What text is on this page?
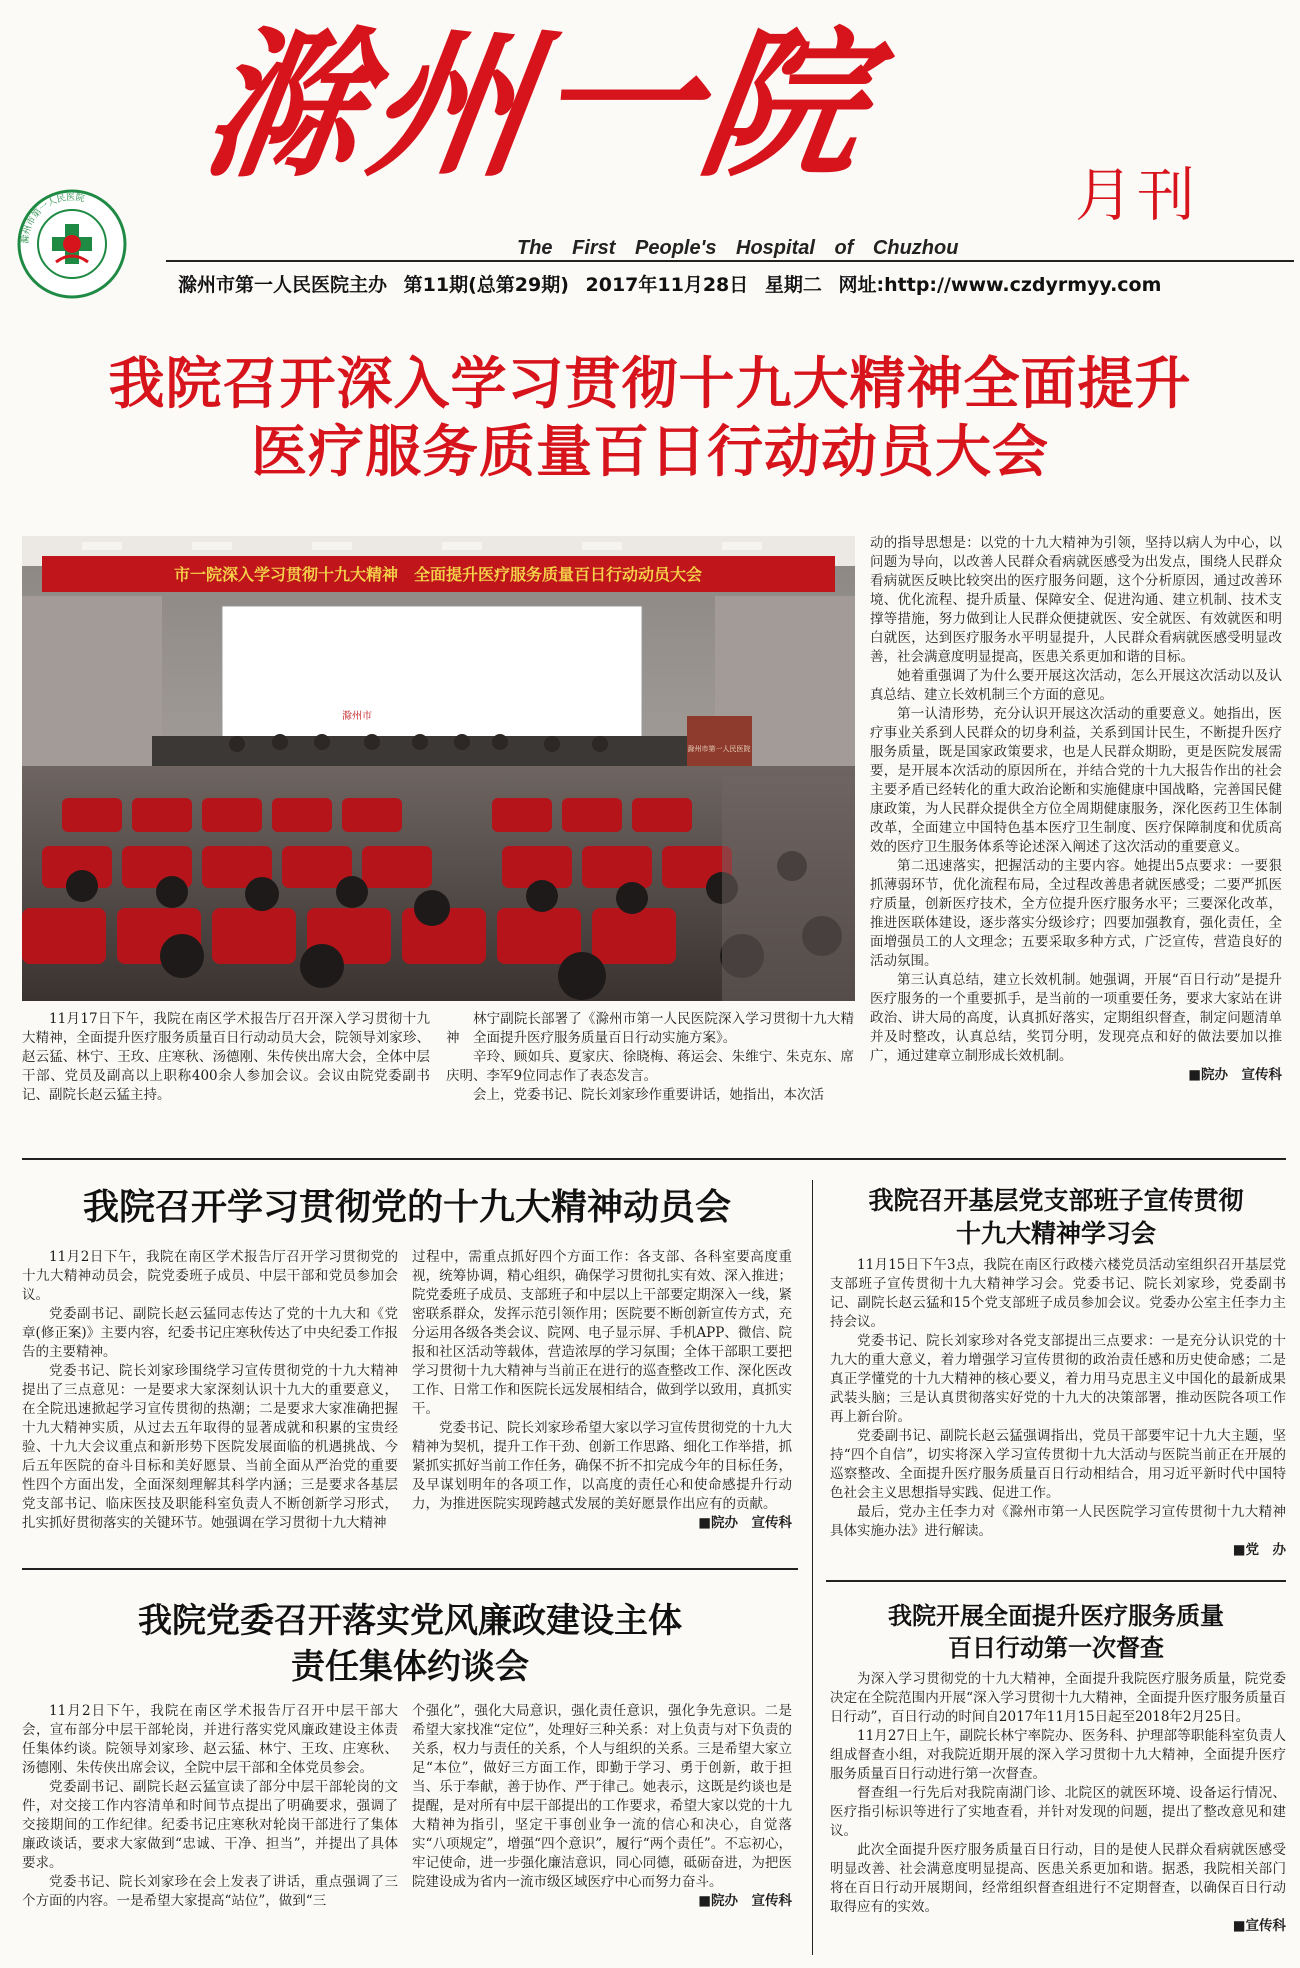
滁州市第一人民医院 滁州一院	月刊
The First People's Hospital of Chuzhou
滁州市第一人民医院主办 第11期(总第29期) 2017年11月28日 星期二 网址:http://www.czdyrmyy.com
我院召开深入学习贯彻十九大精神全面提升
医疗服务质量百日行动动员大会
市一院深入学习贯彻十九大精神　全面提升医疗服务质量百日行动动员大会
滁州市
滁州市第一人民医院

11月17日下午，我院在南区学术报告厅召开深入学习贯彻十九大精神，全面提升医疗服务质量百日行动动员大会，院领导刘家珍、赵云猛、林宁、王玫、庄寒秋、汤德刚、朱传侠出席大会，全体中层干部、党员及副高以上职称400余人参加会议。会议由院党委副书记、副院长赵云猛主持。

林宁副院长部署了《滁州市第一人民医院深入学习贯彻十九大精神　全面提升医疗服务质量百日行动实施方案》。

辛玲、顾如兵、夏家庆、徐晓梅、蒋运会、朱维宁、朱克东、席庆明、李军9位同志作了表态发言。

会上，党委书记、院长刘家珍作重要讲话，她指出，本次活

动的指导思想是：以党的十九大精神为引领，坚持以病人为中心，以问题为导向，以改善人民群众看病就医感受为出发点，围绕人民群众看病就医反映比较突出的医疗服务问题，这个分析原因，通过改善环境、优化流程、提升质量、保障安全、促进沟通、建立机制、技术支撑等措施，努力做到让人民群众便捷就医、安全就医、有效就医和明白就医，达到医疗服务水平明显提升，人民群众看病就医感受明显改善，社会满意度明显提高，医患关系更加和谐的目标。

她着重强调了为什么要开展这次活动，怎么开展这次活动以及认真总结、建立长效机制三个方面的意见。

第一认清形势，充分认识开展这次活动的重要意义。她指出，医疗事业关系到人民群众的切身利益，关系到国计民生，不断提升医疗服务质量，既是国家政策要求，也是人民群众期盼，更是医院发展需要，是开展本次活动的原因所在，并结合党的十九大报告作出的社会主要矛盾已经转化的重大政治论断和实施健康中国战略，完善国民健康政策，为人民群众提供全方位全周期健康服务，深化医药卫生体制改革，全面建立中国特色基本医疗卫生制度、医疗保障制度和优质高效的医疗卫生服务体系等论述深入阐述了这次活动的重要意义。

第二迅速落实，把握活动的主要内容。她提出5点要求：一要狠抓薄弱环节，优化流程布局，全过程改善患者就医感受；二要严抓医疗质量，创新医疗技术，全方位提升医疗服务水平；三要深化改革，推进医联体建设，逐步落实分级诊疗；四要加强教育，强化责任，全面增强员工的人文理念；五要采取多种方式，广泛宣传，营造良好的活动氛围。

第三认真总结，建立长效机制。她强调，开展“百日行动”是提升医疗服务的一个重要抓手，是当前的一项重要任务，要求大家站在讲政治、讲大局的高度，认真抓好落实，定期组织督查，制定问题清单并及时整改，认真总结，奖罚分明，发现亮点和好的做法要加以推广，通过建章立制形成长效机制。

■院办　宣传科
我院召开学习贯彻党的十九大精神动员会

11月2日下午，我院在南区学术报告厅召开学习贯彻党的十九大精神动员会，院党委班子成员、中层干部和党员参加会议。

党委副书记、副院长赵云猛同志传达了党的十九大和《党章(修正案)》主要内容，纪委书记庄寒秋传达了中央纪委工作报告的主要精神。

党委书记、院长刘家珍围绕学习宣传贯彻党的十九大精神提出了三点意见：一是要求大家深刻认识十九大的重要意义，在全院迅速掀起学习宣传贯彻的热潮；二是要求大家准确把握十九大精神实质，从过去五年取得的显著成就和积累的宝贵经验、十九大会议重点和新形势下医院发展面临的机遇挑战、今后五年医院的奋斗目标和美好愿景、当前全面从严治党的重要性四个方面出发，全面深刻理解其科学内涵；三是要求各基层党支部书记、临床医技及职能科室负责人不断创新学习形式，扎实抓好贯彻落实的关键环节。她强调在学习贯彻十九大精神

过程中，需重点抓好四个方面工作：各支部、各科室要高度重视，统筹协调，精心组织，确保学习贯彻扎实有效、深入推进；院党委班子成员、支部班子和中层以上干部要定期深入一线，紧密联系群众，发挥示范引领作用；医院要不断创新宣传方式，充分运用各级各类会议、院网、电子显示屏、手机APP、微信、院报和社区活动等载体，营造浓厚的学习氛围；全体干部职工要把学习贯彻十九大精神与当前正在进行的巡查整改工作、深化医改工作、日常工作和医院长远发展相结合，做到学以致用，真抓实干。

党委书记、院长刘家珍希望大家以学习宣传贯彻党的十九大精神为契机，提升工作干劲、创新工作思路、细化工作举措，抓紧抓实抓好当前工作任务，确保不折不扣完成今年的目标任务，及早谋划明年的各项工作，以高度的责任心和使命感提升行动力，为推进医院实现跨越式发展的美好愿景作出应有的贡献。

■院办　宣传科
我院召开基层党支部班子宣传贯彻
十九大精神学习会

11月15日下午3点，我院在南区行政楼六楼党员活动室组织召开基层党支部班子宣传贯彻十九大精神学习会。党委书记、院长刘家珍，党委副书记、副院长赵云猛和15个党支部班子成员参加会议。党委办公室主任李力主持会议。

党委书记、院长刘家珍对各党支部提出三点要求：一是充分认识党的十九大的重大意义，着力增强学习宣传贯彻的政治责任感和历史使命感；二是真正学懂党的十九大精神的核心要义，着力用马克思主义中国化的最新成果武装头脑；三是认真贯彻落实好党的十九大的决策部署，推动医院各项工作再上新台阶。

党委副书记、副院长赵云猛强调指出，党员干部要牢记十九大主题，坚持“四个自信”，切实将深入学习宣传贯彻十九大活动与医院当前正在开展的巡察整改、全面提升医疗服务质量百日行动相结合，用习近平新时代中国特色社会主义思想指导实践、促进工作。

最后，党办主任李力对《滁州市第一人民医院学习宣传贯彻十九大精神具体实施办法》进行解读。

■党　办
我院党委召开落实党风廉政建设主体
责任集体约谈会

11月2日下午，我院在南区学术报告厅召开中层干部大会，宣布部分中层干部轮岗，并进行落实党风廉政建设主体责任集体约谈。院领导刘家珍、赵云猛、林宁、王玫、庄寒秋、汤德刚、朱传侠出席会议，全院中层干部和全体党员参会。

党委副书记、副院长赵云猛宣读了部分中层干部轮岗的文件，对交接工作内容清单和时间节点提出了明确要求，强调了交接期间的工作纪律。纪委书记庄寒秋对轮岗干部进行了集体廉政谈话，要求大家做到“忠诚、干净、担当”，并提出了具体要求。

党委书记、院长刘家珍在会上发表了讲话，重点强调了三个方面的内容。一是希望大家提高“站位”，做到“三

个强化”，强化大局意识，强化责任意识，强化争先意识。二是希望大家找准“定位”，处理好三种关系：对上负责与对下负责的关系，权力与责任的关系，个人与组织的关系。三是希望大家立足“本位”，做好三方面工作，即勤于学习、勇于创新，敢于担当、乐于奉献，善于协作、严于律己。她表示，这既是约谈也是提醒，是对所有中层干部提出的工作要求，希望大家以党的十九大精神为指引，坚定干事创业争一流的信心和决心，自觉落实“八项规定”，增强“四个意识”，履行“两个责任”。不忘初心，牢记使命，进一步强化廉洁意识，同心同德，砥砺奋进，为把医院建设成为省内一流市级区域医疗中心而努力奋斗。

■院办　宣传科
我院开展全面提升医疗服务质量
百日行动第一次督查

为深入学习贯彻党的十九大精神，全面提升我院医疗服务质量，院党委决定在全院范围内开展“深入学习贯彻十九大精神，全面提升医疗服务质量百日行动”，百日行动的时间自2017年11月15日起至2018年2月25日。

11月27日上午，副院长林宁率院办、医务科、护理部等职能科室负责人组成督查小组，对我院近期开展的深入学习贯彻十九大精神，全面提升医疗服务质量百日行动进行第一次督查。

督查组一行先后对我院南湖门诊、北院区的就医环境、设备运行情况、医疗指引标识等进行了实地查看，并针对发现的问题，提出了整改意见和建议。

此次全面提升医疗服务质量百日行动，目的是使人民群众看病就医感受明显改善、社会满意度明显提高、医患关系更加和谐。据悉，我院相关部门将在百日行动开展期间，经常组织督查组进行不定期督查，以确保百日行动取得应有的实效。

■宣传科
